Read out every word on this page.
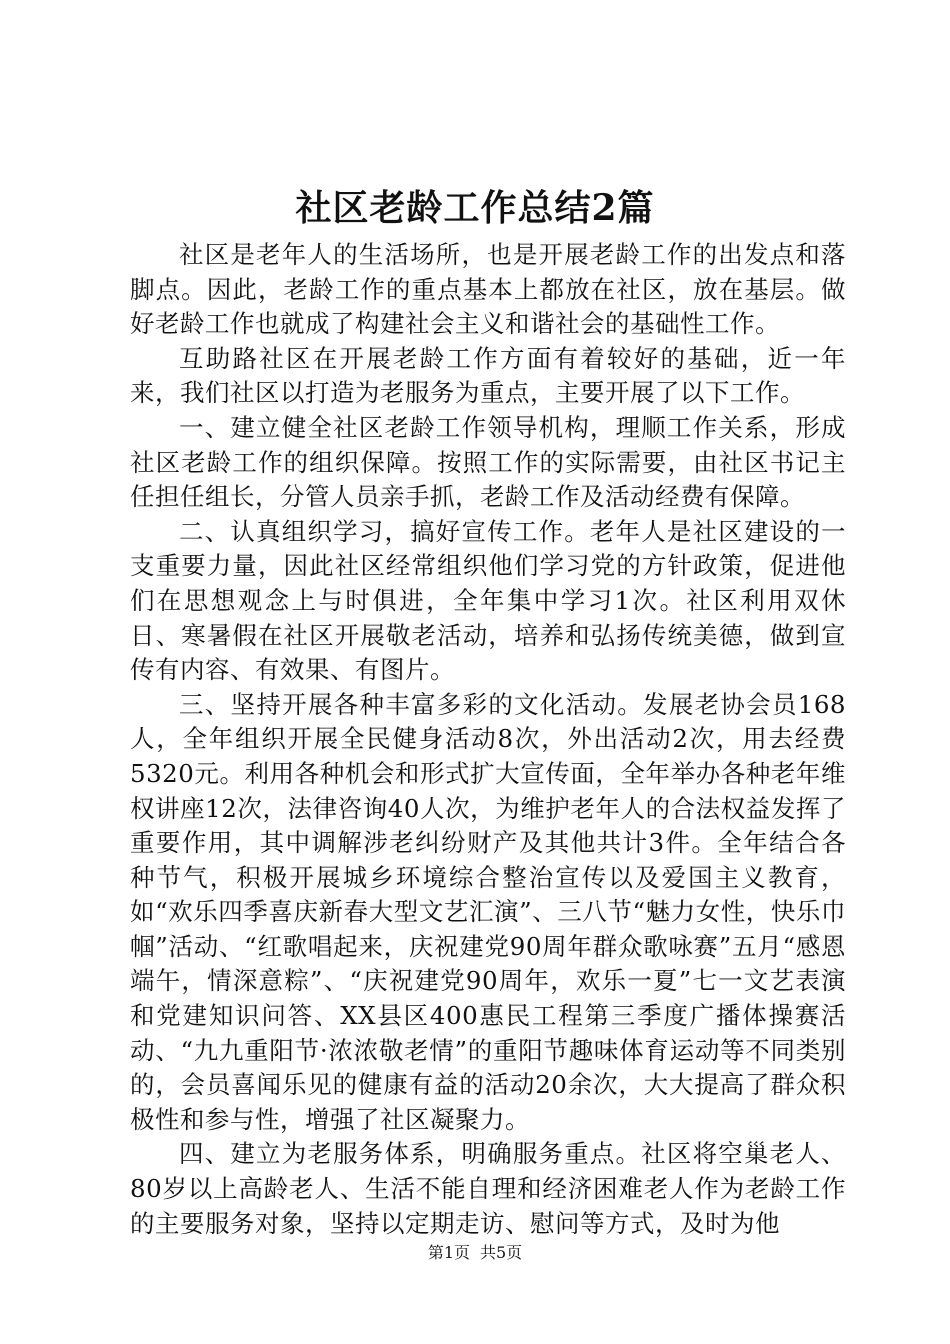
社区老龄工作总结2篇

社区是老年人的生活场所，也是开展老龄工作的出发点和落脚点。因此，老龄工作的重点基本上都放在社区，放在基层。做好老龄工作也就成了构建社会主义和谐社会的基础性工作。

互助路社区在开展老龄工作方面有着较好的基础，近一年来，我们社区以打造为老服务为重点，主要开展了以下工作。

一、建立健全社区老龄工作领导机构，理顺工作关系，形成社区老龄工作的组织保障。按照工作的实际需要，由社区书记主任担任组长，分管人员亲手抓，老龄工作及活动经费有保障。

二、认真组织学习，搞好宣传工作。老年人是社区建设的一支重要力量，因此社区经常组织他们学习党的方针政策，促进他们在思想观念上与时俱进，全年集中学习1次。社区利用双休日、寒暑假在社区开展敬老活动，培养和弘扬传统美德，做到宣传有内容、有效果、有图片。

三、坚持开展各种丰富多彩的文化活动。发展老协会员168人，全年组织开展全民健身活动8次，外出活动2次，用去经费5320元。利用各种机会和形式扩大宣传面，全年举办各种老年维权讲座12次，法律咨询40人次，为维护老年人的合法权益发挥了重要作用，其中调解涉老纠纷财产及其他共计3件。全年结合各种节气，积极开展城乡环境综合整治宣传以及爱国主义教育，如“欢乐四季喜庆新春大型文艺汇演”、三八节“魅力女性，快乐巾帼”活动、“红歌唱起来，庆祝建党90周年群众歌咏赛”五月“感恩端午，情深意粽”、“庆祝建党90周年，欢乐一夏”七一文艺表演和党建知识问答、XX县区400惠民工程第三季度广播体操赛活动、“九九重阳节·浓浓敬老情”的重阳节趣味体育运动等不同类别的，会员喜闻乐见的健康有益的活动20余次，大大提高了群众积极性和参与性，增强了社区凝聚力。

四、建立为老服务体系，明确服务重点。社区将空巢老人、80岁以上高龄老人、生活不能自理和经济困难老人作为老龄工作的主要服务对象，坚持以定期走访、慰问等方式，及时为他

第1页 共5页
